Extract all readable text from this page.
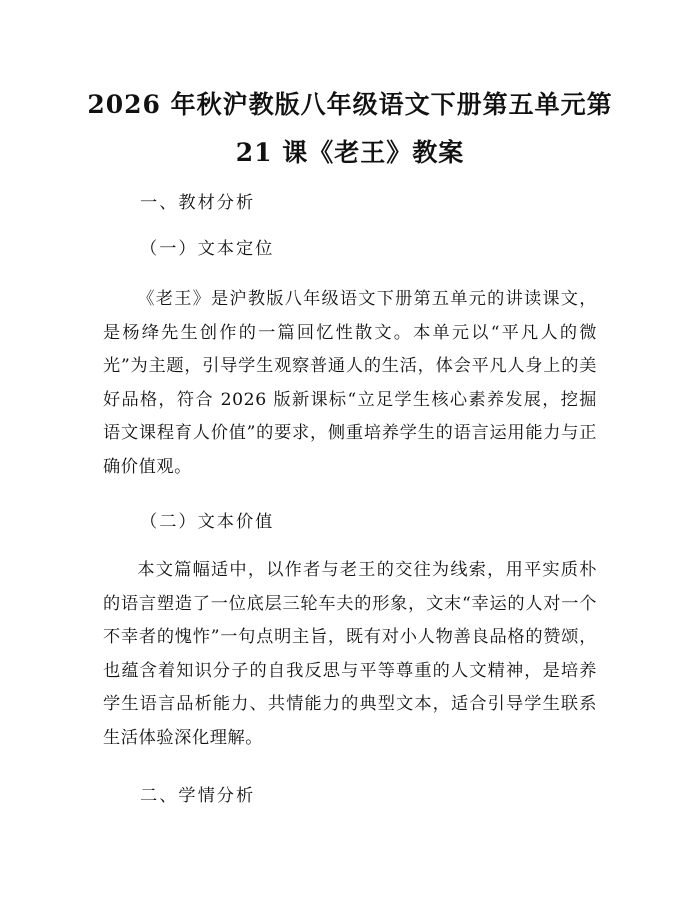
2026 年秋沪教版八年级语文下册第五单元第
21 课《老王》教案

一、教材分析

（一）文本定位

《老王》是沪教版八年级语文下册第五单元的讲读课文，是杨绛先生创作的一篇回忆性散文。本单元以“平凡人的微光”为主题，引导学生观察普通人的生活，体会平凡人身上的美好品格，符合 2026 版新课标“立足学生核心素养发展，挖掘语文课程育人价值”的要求，侧重培养学生的语言运用能力与正确价值观。

（二）文本价值

本文篇幅适中，以作者与老王的交往为线索，用平实质朴的语言塑造了一位底层三轮车夫的形象，文末“幸运的人对一个不幸者的愧怍”一句点明主旨，既有对小人物善良品格的赞颂，也蕴含着知识分子的自我反思与平等尊重的人文精神，是培养学生语言品析能力、共情能力的典型文本，适合引导学生联系生活体验深化理解。

二、学情分析
